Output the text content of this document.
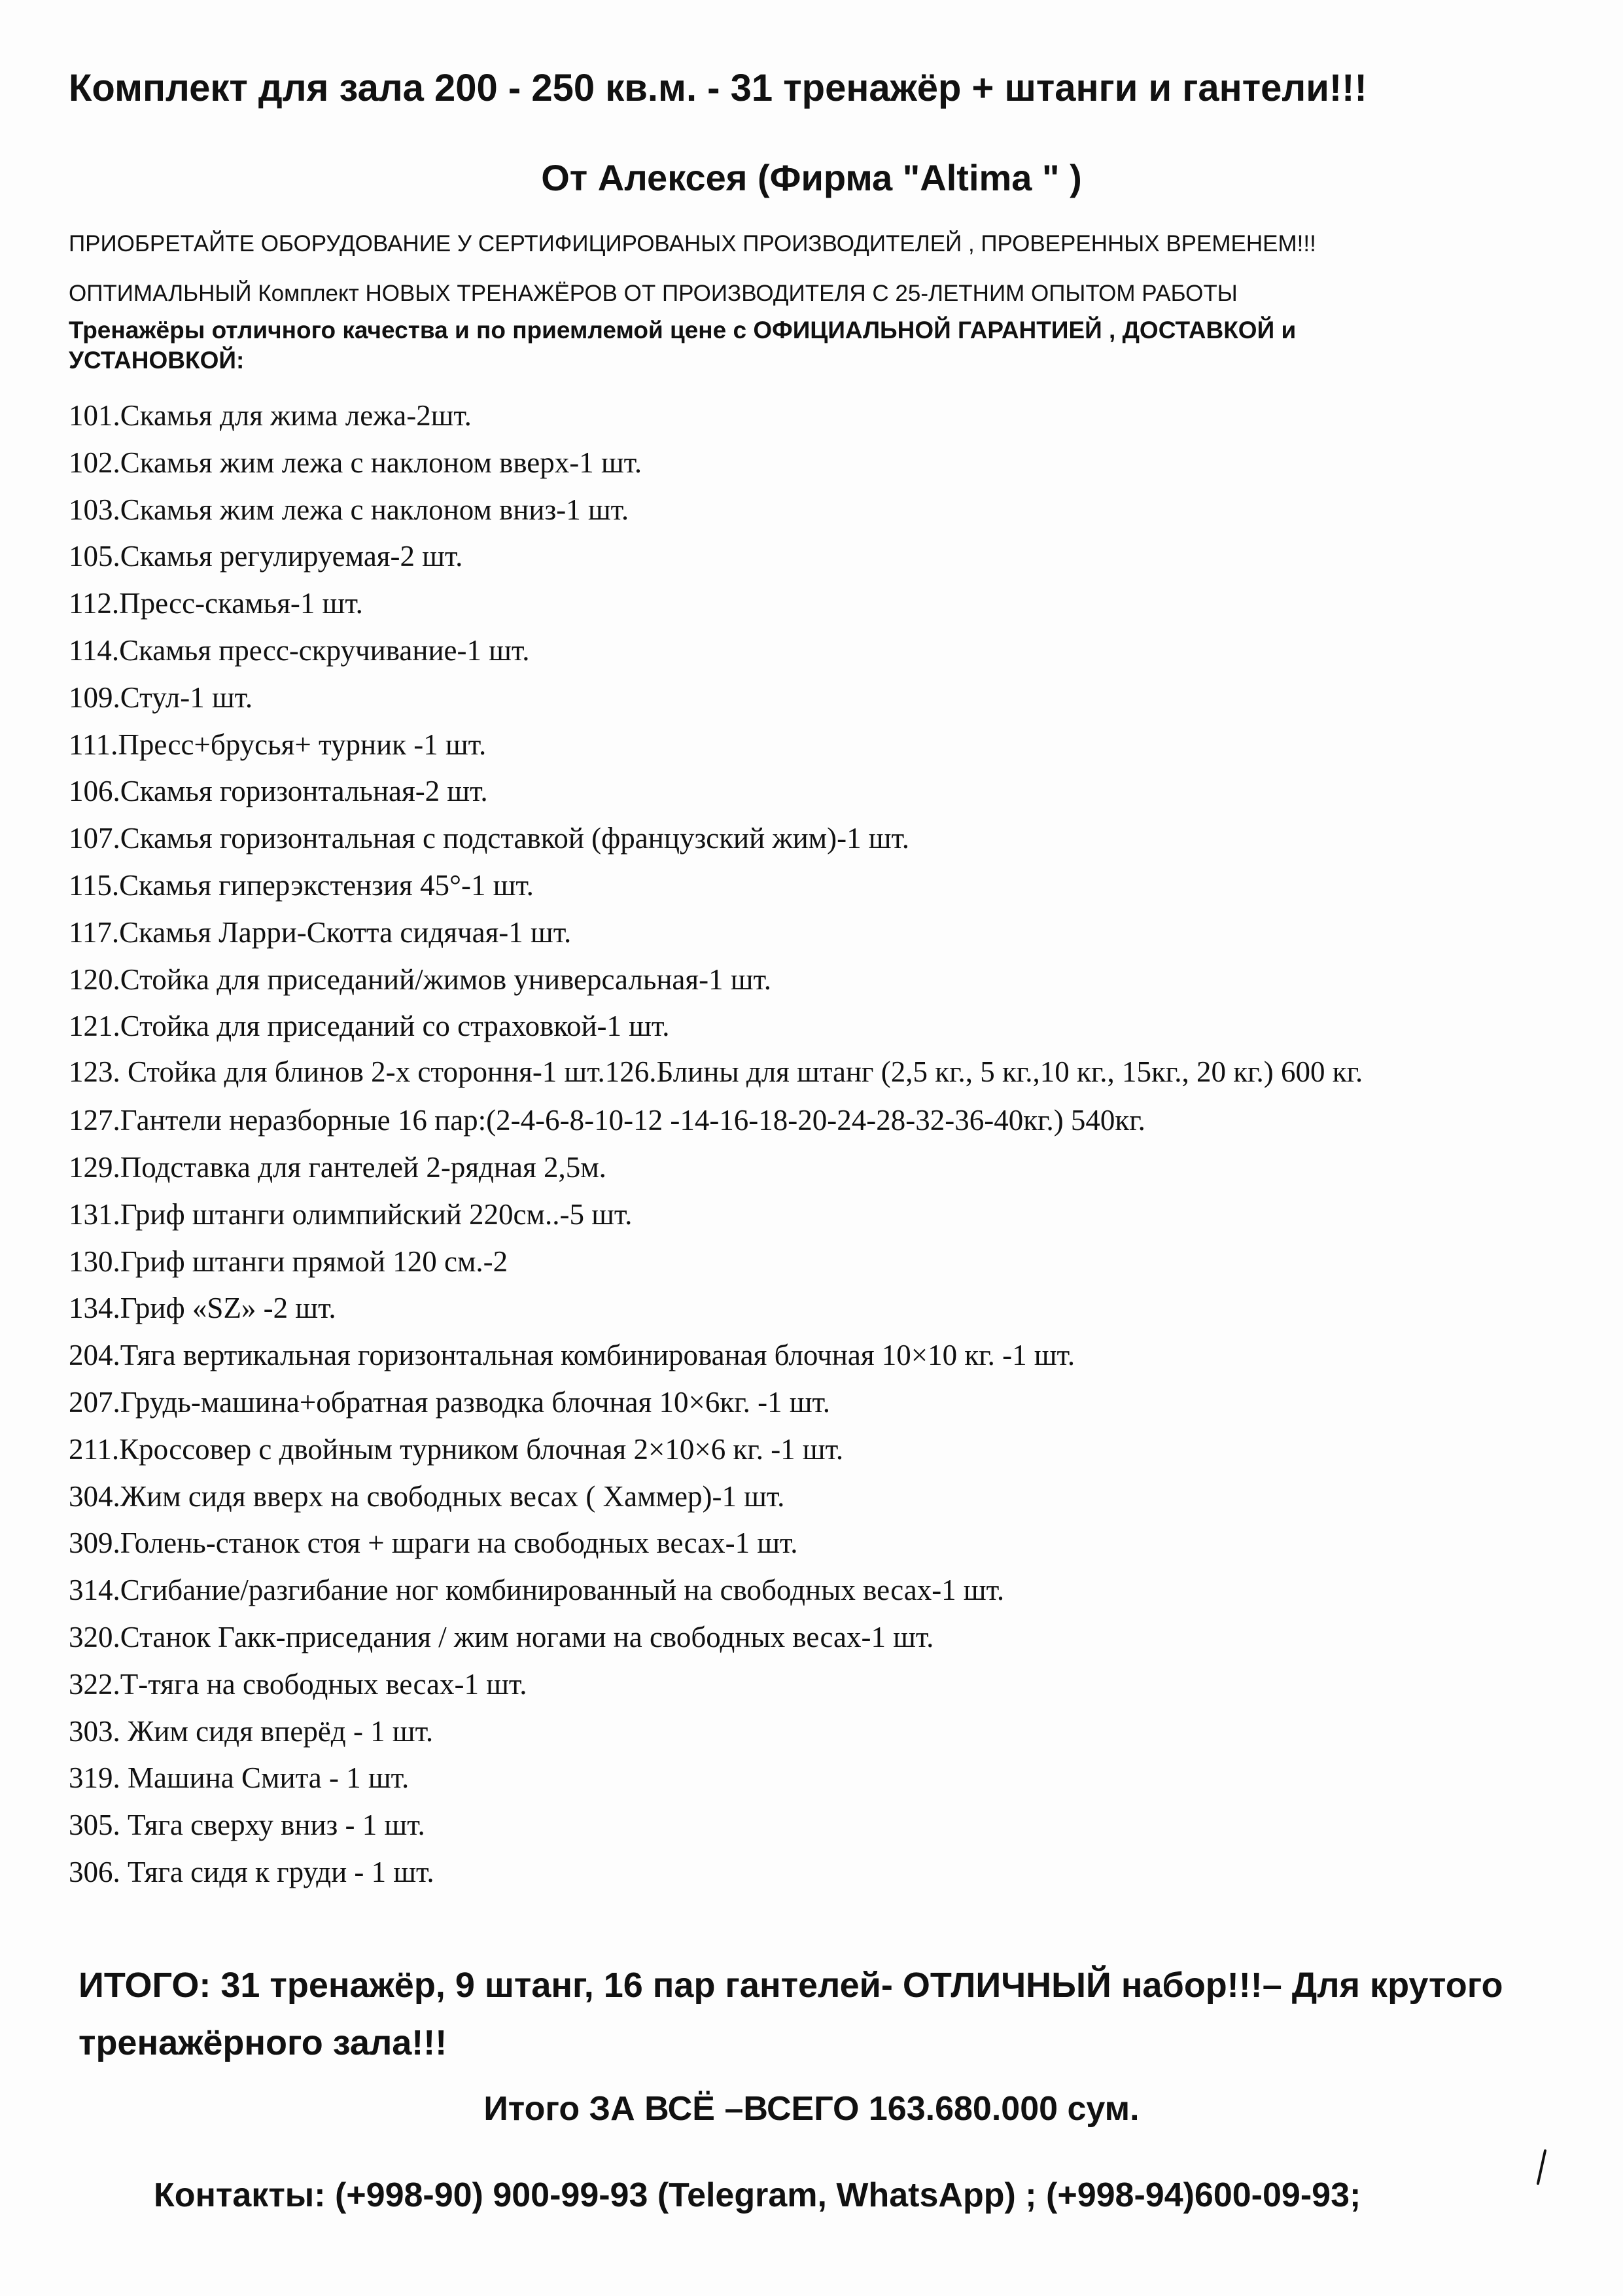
Комплект для зала 200 - 250 кв.м. - 31 тренажёр + штанги и гантели!!!
От Алексея (Фирма "Altima " )
ПРИОБРЕТАЙТЕ ОБОРУДОВАНИЕ У СЕРТИФИЦИРОВАНЫХ ПРОИЗВОДИТЕЛЕЙ , ПРОВЕРЕННЫХ ВРЕМЕНЕМ!!!
ОПТИМАЛЬНЫЙ Комплект НОВЫХ ТРЕНАЖЁРОВ ОТ ПРОИЗВОДИТЕЛЯ С 25-ЛЕТНИМ ОПЫТОМ РАБОТЫ
Тренажёры отличного качества и по приемлемой цене с ОФИЦИАЛЬНОЙ ГАРАНТИЕЙ , ДОСТАВКОЙ и УСТАНОВКОЙ:
101.Скамья для жима лежа-2шт.
102.Скамья жим лежа с наклоном вверх-1 шт.
103.Скамья жим лежа с наклоном вниз-1 шт.
105.Скамья регулируемая-2 шт.
112.Пресс-скамья-1 шт.
114.Скамья пресс-скручивание-1 шт.
109.Стул-1 шт.
111.Пресс+брусья+ турник -1 шт.
106.Скамья горизонтальная-2 шт.
107.Скамья горизонтальная с подставкой (французский жим)-1 шт.
115.Скамья гиперэкстензия 45°-1 шт.
117.Скамья Ларри-Скотта сидячая-1 шт.
120.Стойка для приседаний/жимов универсальная-1 шт.
121.Стойка для приседаний со страховкой-1 шт.
123. Стойка для блинов 2-х стороння-1 шт.126.Блины для штанг (2,5 кг., 5 кг.,10 кг., 15кг., 20 кг.) 600 кг.
127.Гантели неразборные 16 пар:(2-4-6-8-10-12 -14-16-18-20-24-28-32-36-40кг.) 540кг.
129.Подставка для гантелей 2-рядная 2,5м.
131.Гриф штанги олимпийский 220см..-5 шт.
130.Гриф штанги прямой 120 см.-2
134.Гриф «SZ» -2 шт.
204.Тяга вертикальная горизонтальная комбинированая блочная 10×10 кг. -1 шт.
207.Грудь-машина+обратная разводка блочная 10×6кг. -1 шт.
211.Кроссовер с двойным турником блочная 2×10×6 кг. -1 шт.
304.Жим сидя вверх на свободных весах ( Хаммер)-1 шт.
309.Голень-станок стоя + шраги на свободных весах-1 шт.
314.Сгибание/разгибание ног комбинированный на свободных весах-1 шт.
320.Станок Гакк-приседания / жим ногами на свободных весах-1 шт.
322.Т-тяга на свободных весах-1 шт.
303. Жим сидя вперёд - 1 шт.
319. Машина Смита - 1 шт.
305. Тяга сверху вниз - 1 шт.
306. Тяга сидя к груди - 1 шт.
ИТОГО: 31 тренажёр, 9 штанг, 16 пар гантелей- ОТЛИЧНЫЙ набор!!!– Для крутого тренажёрного зала!!!
Итого ЗА ВСЁ –ВСЕГО 163.680.000 сум.
Контакты: (+998-90) 900-99-93 (Telegram, WhatsApp) ; (+998-94)600-09-93;
